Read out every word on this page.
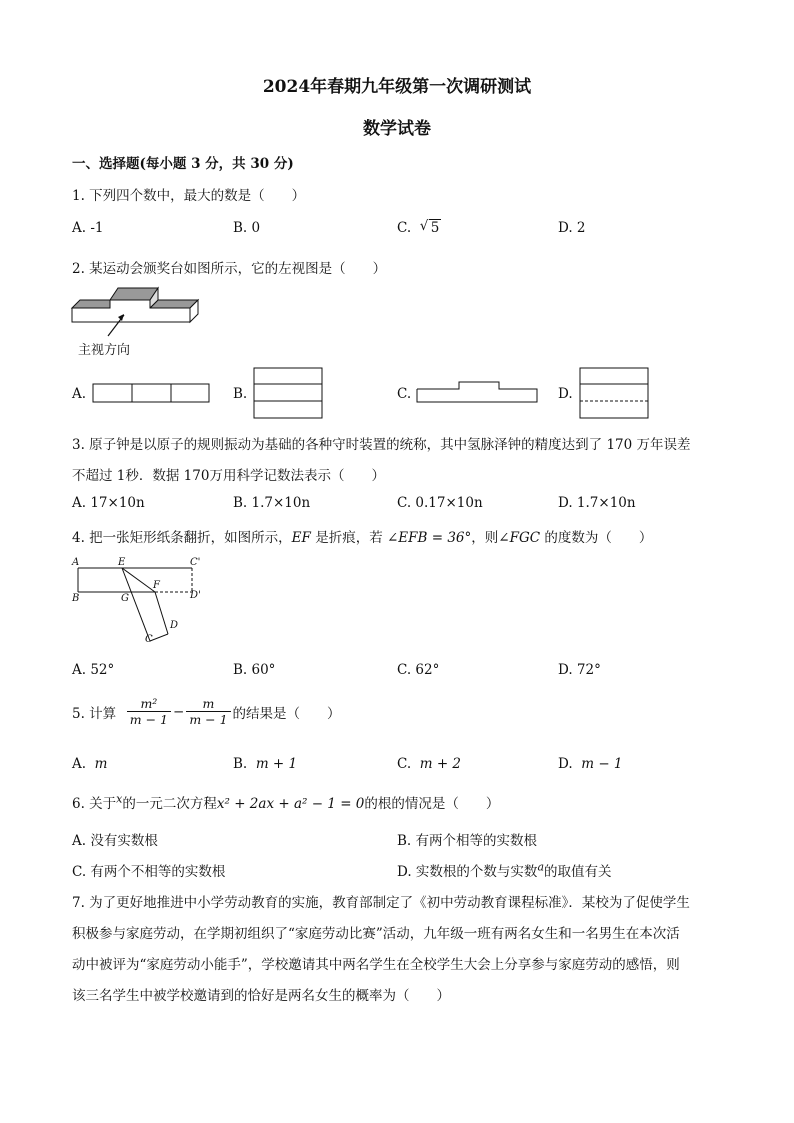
2024年春期九年级第一次调研测试
数学试卷
一、选择题(每小题 3 分，共 30 分)
1. 下列四个数中，最大的数是（　　）
A. -1	B. 0	C. √ 5	D. 2
2. 某运动会颁奖台如图所示，它的左视图是（　　）
主视方向
A.	B.	C.	D.
3. 原子钟是以原子的规则振动为基础的各种守时装置的统称，其中氢脉泽钟的精度达到了 170 万年误差
不超过 1秒．数据 170万用科学记数法表示（　　）
A. 17×10n	B. 1.7×10n	C. 0.17×10n	D. 1.7×10n
4. 把一张矩形纸条翻折，如图所示，EF 是折痕，若 ∠EFB = 36°，则∠FGC 的度数为（　　）
A	E	C'
B	G
F
D'
C
D
A. 52°	B. 60°	C. 62°	D. 72°
5. 计算
$\frac{\text{m²}}{m - 1} - \frac{m}{m - 1}$ 的结果是（　　）
A. m	B. m + 1	C. m + 2	D. m − 1
6. 关于$^x$的一元二次方程x² + 2ax + a² − 1 = 0的根的情况是（　　）
A. 没有实数根	B. 有两个相等的实数根
C. 有两个不相等的实数根	D. 实数根的个数与实数$^a$的取值有关
7. 为了更好地推进中小学劳动教育的实施，教育部制定了《初中劳动教育课程标准》．某校为了促使学生
积极参与家庭劳动，在学期初组织了“家庭劳动比赛”活动，九年级一班有两名女生和一名男生在本次活
动中被评为“家庭劳动小能手”，学校邀请其中两名学生在全校学生大会上分享参与家庭劳动的感悟，则
该三名学生中被学校邀请到的恰好是两名女生的概率为（　　）
